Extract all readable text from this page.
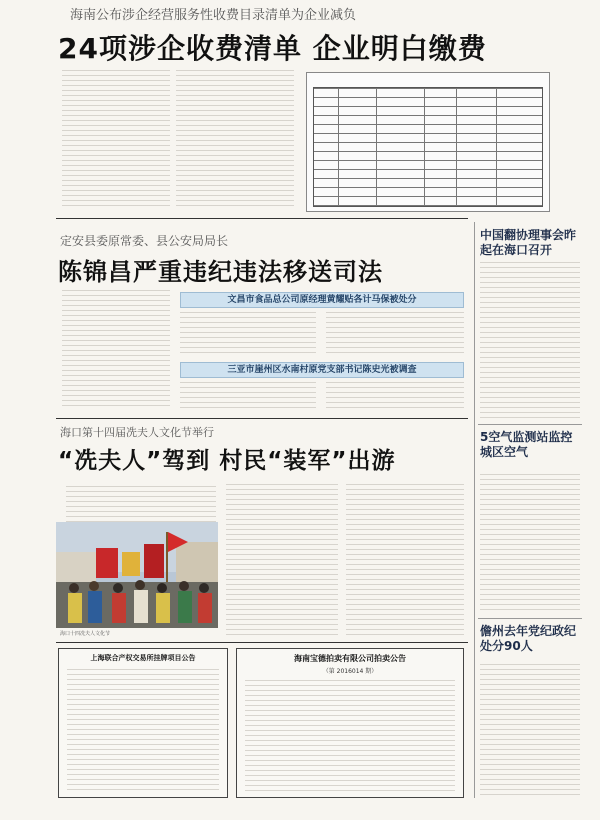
海南公布涉企经营服务性收费目录清单为企业减负
24项涉企收费清单 企业明白缴费
定安县委原常委、县公安局局长
陈锦昌严重违纪违法移送司法
文昌市食品总公司原经理黄耀贴各计马保被处分
三亚市崖州区水南村原党支部书记陈史光被调查
海口第十四届冼夫人文化节举行
“冼夫人”驾到 村民“装军”出游
海口十四冼夫人文化节
上海联合产权交易所挂牌项目公告	海南宝德拍卖有限公司拍卖公告
（第 2016014 期）
中国翻协理事会昨起在海口召开
5空气监测站监控城区空气
儋州去年党纪政纪处分90人
